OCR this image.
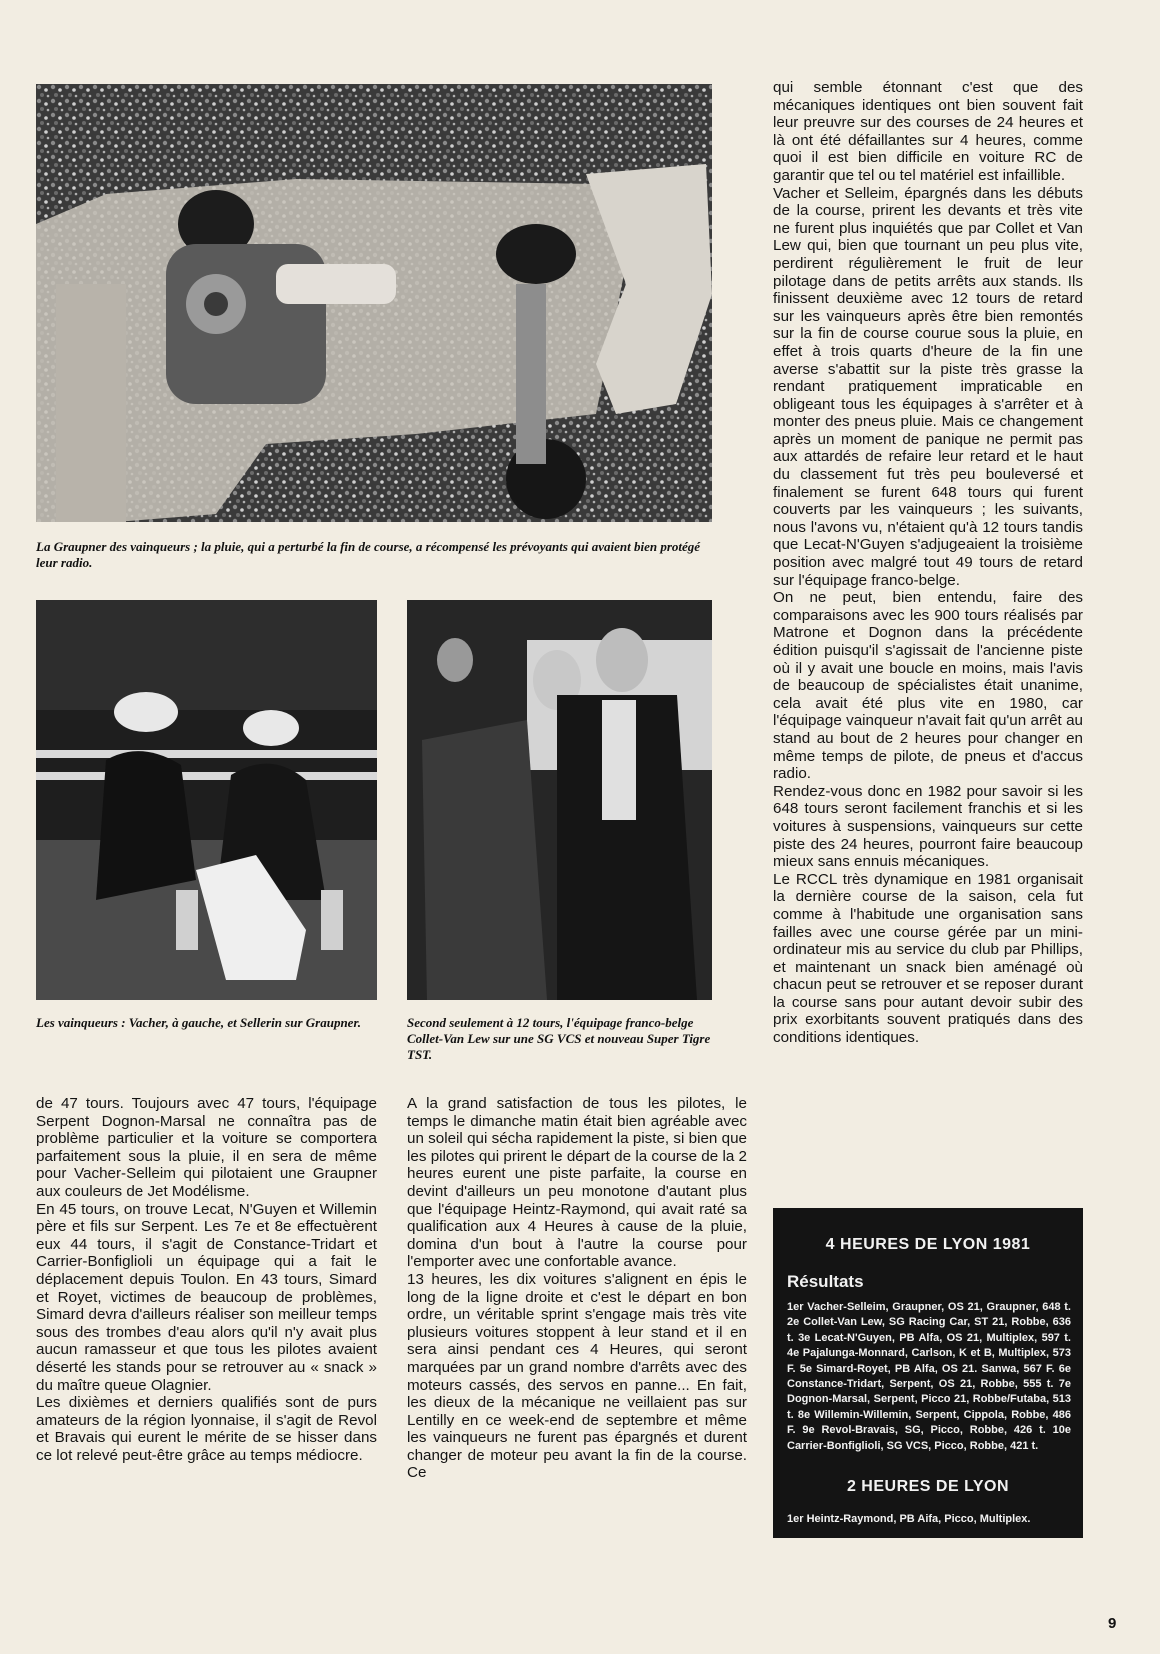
La Graupner des vainqueurs ; la pluie, qui a perturbé la fin de course, a récompensé les prévoyants qui avaient bien protégé leur radio.

Les vainqueurs : Vacher, à gauche, et Sellerin sur Graupner.	Second seulement à 12 tours, l'équipage franco-belge Collet-Van Lew sur une SG VCS et nouveau Super Tigre TST.

qui semble étonnant c'est que des mécaniques identiques ont bien souvent fait leur preuvre sur des courses de 24 heures et là ont été défaillantes sur 4 heures, comme quoi il est bien difficile en voiture RC de garantir que tel ou tel matériel est infaillible.

Vacher et Selleim, épargnés dans les débuts de la course, prirent les devants et très vite ne furent plus inquiétés que par Collet et Van Lew qui, bien que tournant un peu plus vite, perdirent régulièrement le fruit de leur pilotage dans de petits arrêts aux stands. Ils finissent deuxième avec 12 tours de retard sur les vainqueurs après être bien remontés sur la fin de course courue sous la pluie, en effet à trois quarts d'heure de la fin une averse s'abattit sur la piste très grasse la rendant pratiquement impraticable en obligeant tous les équipages à s'arrêter et à monter des pneus pluie. Mais ce changement après un moment de panique ne permit pas aux attardés de refaire leur retard et le haut du classement fut très peu bouleversé et finalement se furent 648 tours qui furent couverts par les vainqueurs ; les suivants, nous l'avons vu, n'étaient qu'à 12 tours tandis que Lecat-N'Guyen s'adjugeaient la troisième position avec malgré tout 49 tours de retard sur l'équipage franco-belge.

On ne peut, bien entendu, faire des comparaisons avec les 900 tours réalisés par Matrone et Dognon dans la précédente édition puisqu'il s'agissait de l'ancienne piste où il y avait une boucle en moins, mais l'avis de beaucoup de spécialistes était unanime, cela avait été plus vite en 1980, car l'équipage vainqueur n'avait fait qu'un arrêt au stand au bout de 2 heures pour changer en même temps de pilote, de pneus et d'accus radio.

Rendez-vous donc en 1982 pour savoir si les 648 tours seront facilement franchis et si les voitures à suspensions, vainqueurs sur cette piste des 24 heures, pourront faire beaucoup mieux sans ennuis mécaniques.

Le RCCL très dynamique en 1981 organisait la dernière course de la saison, cela fut comme à l'habitude une organisation sans failles avec une course gérée par un mini-ordinateur mis au service du club par Phillips, et maintenant un snack bien aménagé où chacun peut se retrouver et se reposer durant la course sans pour autant devoir subir des prix exorbitants souvent pratiqués dans des conditions identiques.

de 47 tours. Toujours avec 47 tours, l'équipage Serpent Dognon-Marsal ne connaîtra pas de problème particulier et la voiture se comportera parfaitement sous la pluie, il en sera de même pour Vacher-Selleim qui pilotaient une Graupner aux couleurs de Jet Modélisme.

En 45 tours, on trouve Lecat, N'Guyen et Willemin père et fils sur Serpent. Les 7e et 8e effectuèrent eux 44 tours, il s'agit de Constance-Tridart et Carrier-Bonfiglioli un équipage qui a fait le déplacement depuis Toulon. En 43 tours, Simard et Royet, victimes de beaucoup de problèmes, Simard devra d'ailleurs réaliser son meilleur temps sous des trombes d'eau alors qu'il n'y avait plus aucun ramasseur et que tous les pilotes avaient déserté les stands pour se retrouver au « snack » du maître queue Olagnier.

Les dixièmes et derniers qualifiés sont de purs amateurs de la région lyonnaise, il s'agit de Revol et Bravais qui eurent le mérite de se hisser dans ce lot relevé peut-être grâce au temps médiocre.

A la grand satisfaction de tous les pilotes, le temps le dimanche matin était bien agréable avec un soleil qui sécha rapidement la piste, si bien que les pilotes qui prirent le départ de la course de la 2 heures eurent une piste parfaite, la course en devint d'ailleurs un peu monotone d'autant plus que l'équipage Heintz-Raymond, qui avait raté sa qualification aux 4 Heures à cause de la pluie, domina d'un bout à l'autre la course pour l'emporter avec une confortable avance.

13 heures, les dix voitures s'alignent en épis le long de la ligne droite et c'est le départ en bon ordre, un véritable sprint s'engage mais très vite plusieurs voitures stoppent à leur stand et il en sera ainsi pendant ces 4 Heures, qui seront marquées par un grand nombre d'arrêts avec des moteurs cassés, des servos en panne... En fait, les dieux de la mécanique ne veillaient pas sur Lentilly en ce week-end de septembre et même les vainqueurs ne furent pas épargnés et durent changer de moteur peu avant la fin de la course. Ce

4 HEURES DE LYON 1981
Résultats

1er Vacher-Selleim, Graupner, OS 21, Graupner, 648 t. 2e Collet-Van Lew, SG Racing Car, ST 21, Robbe, 636 t. 3e Lecat-N'Guyen, PB Alfa, OS 21, Multiplex, 597 t. 4e Pajalunga-Monnard, Carlson, K et B, Multiplex, 573 F. 5e Simard-Royet, PB Alfa, OS 21. Sanwa, 567 F. 6e Constance-Tridart, Serpent, OS 21, Robbe, 555 t. 7e Dognon-Marsal, Serpent, Picco 21, Robbe/Futaba, 513 t. 8e Willemin-Willemin, Serpent, Cippola, Robbe, 486 F. 9e Revol-Bravais, SG, Picco, Robbe, 426 t. 10e Carrier-Bonfiglioli, SG VCS, Picco, Robbe, 421 t.

2 HEURES DE LYON

1er Heintz-Raymond, PB Aifa, Picco, Multiplex.

9
